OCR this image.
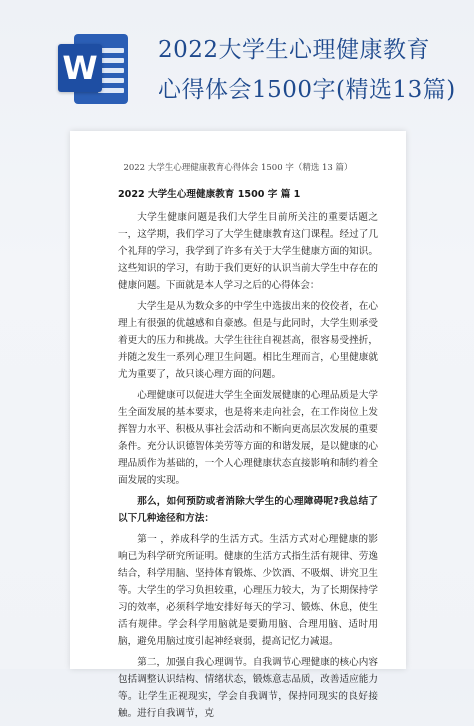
W	2022大学生心理健康教育
心得体会1500字(精选13篇)
2022 大学生心理健康教育心得体会 1500 字（精选 13 篇）

2022 大学生心理健康教育 1500 字 篇 1

大学生健康问题是我们大学生目前所关注的重要话题之一，这学期，我们学习了大学生健康教育这门课程。经过了几个礼拜的学习，我学到了许多有关于大学生健康方面的知识。这些知识的学习，有助于我们更好的认识当前大学生中存在的健康问题。下面就是本人学习之后的心得体会：

大学生是从为数众多的中学生中选拔出来的佼佼者，在心理上有很强的优越感和自豪感。但是与此同时，大学生则承受着更大的压力和挑战。大学生往往自视甚高，很容易受挫折，并随之发生一系列心理卫生问题。相比生理而言，心里健康就尤为重要了，故只谈心理方面的问题。

心理健康可以促进大学生全面发展健康的心理品质是大学生全面发展的基本要求，也是将来走向社会，在工作岗位上发挥智力水平、积极从事社会活动和不断向更高层次发展的重要条件。充分认识德智体美劳等方面的和谐发展，是以健康的心理品质作为基础的，一个人心理健康状态直接影响和制约着全面发展的实现。

那么，如何预防或者消除大学生的心理障碍呢?我总结了以下几种途径和方法：

第一 ，养成科学的生活方式。生活方式对心理健康的影响已为科学研究所证明。健康的生活方式指生活有规律、劳逸结合，科学用脑、坚持体育锻炼、少饮酒、不吸烟、讲究卫生等。大学生的学习负担较重，心理压力较大，为了长期保持学习的效率，必须科学地安排好每天的学习、锻炼、休息，使生活有规律。学会科学用脑就是要勤用脑、合理用脑、适时用脑，避免用脑过度引起神经衰弱，提高记忆力减退。

第二，加强自我心理调节。自我调节心理健康的核心内容包括调整认识结构、情绪状态，锻炼意志品质，改善适应能力等。让学生正视现实，学会自我调节，保持同现实的良好接触。进行自我调节，克
